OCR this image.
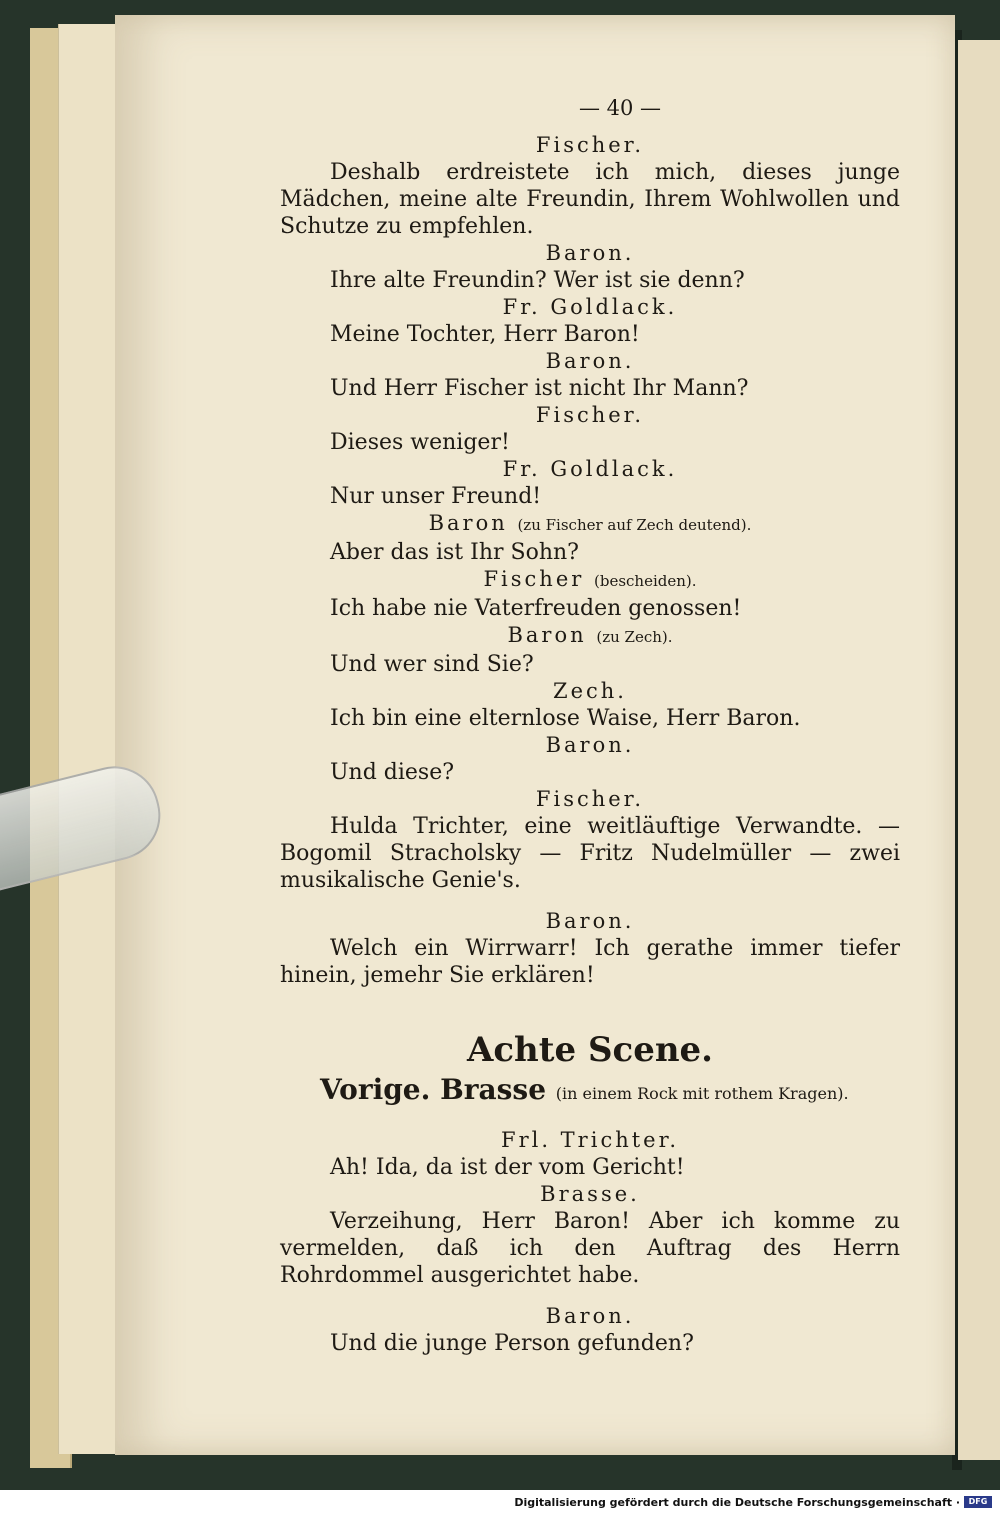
— 40 —
Fischer.
Deshalb erdreistete ich mich, dieses junge Mädchen, meine alte Freundin, Ihrem Wohlwollen und Schutze zu empfehlen.
Baron.
Ihre alte Freundin? Wer ist sie denn?
Fr. Goldlack.
Meine Tochter, Herr Baron!
Baron.
Und Herr Fischer ist nicht Ihr Mann?
Fischer.
Dieses weniger!
Fr. Goldlack.
Nur unser Freund!
Baron (zu Fischer auf Zech deutend).
Aber das ist Ihr Sohn?
Fischer (bescheiden).
Ich habe nie Vaterfreuden genossen!
Baron (zu Zech).
Und wer sind Sie?
Zech.
Ich bin eine elternlose Waise, Herr Baron.
Baron.
Und diese?
Fischer.
Hulda Trichter, eine weitläuftige Verwandte. — Bogomil Stracholsky — Fritz Nudelmüller — zwei musikalische Genie's.
Baron.
Welch ein Wirrwarr! Ich gerathe immer tiefer hinein, jemehr Sie erklären!
Achte Scene.
Vorige. Brasse (in einem Rock mit rothem Kragen).
Frl. Trichter.
Ah! Ida, da ist der vom Gericht!
Brasse.
Verzeihung, Herr Baron! Aber ich komme zu vermelden, daß ich den Auftrag des Herrn Rohrdommel ausgerichtet habe.
Baron.
Und die junge Person gefunden?
Digitalisierung gefördert durch die Deutsche Forschungsgemeinschaft ·	DFG
